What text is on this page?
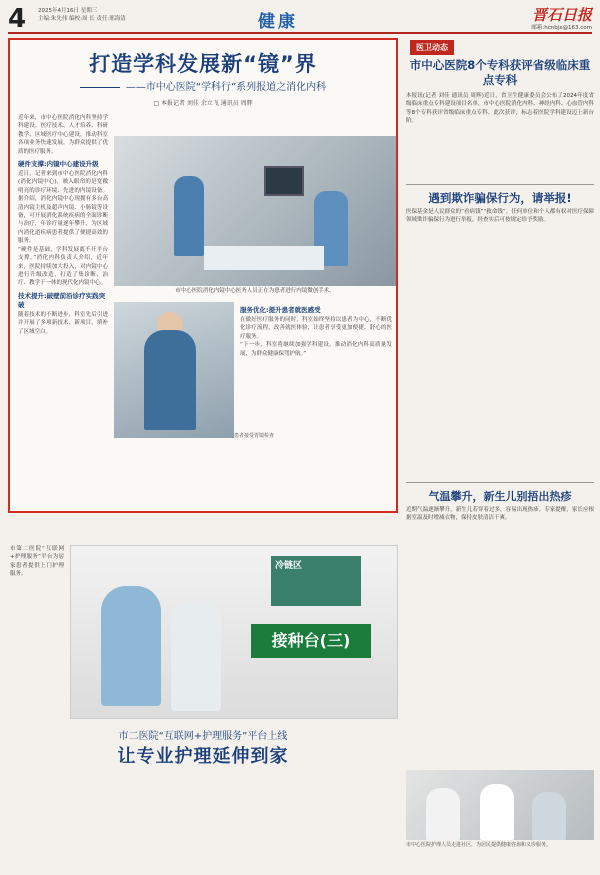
4 2025年4月16日 星期三
主编:朱先伟 编校:周 长 责任:邢海清	健康	晋石日报
邮箱:hcnbjx@163.com
打造学科发展新“镜”界
——市中心医院“学科行”系列报道之消化内科
□ 本报记者 刘佳 余立飞 通讯员 周辉

近年来，市中心医院消化内科坚持学科建设、医疗技术、人才培养、科研教学、区域医疗中心建设，推动科室各项业务快速发展，为群众提供了优质的医疗服务。

硬件支撑:内镜中心建设升级

近日，记者来到市中心医院消化内科(消化内镜中心)，映入眼帘的是宽敞明亮的诊疗环境、先进的内镜设备。据介绍，消化内镜中心现拥有多台高清内镜主机及超声内镜、小肠镜等设备，可开展消化系统疾病的全面诊断与治疗，年诊疗量逐年攀升，为区域内消化道疾病患者提供了便捷高效的服务。

“硬件是基础，学科发展离不开平台支撑。”消化内科负责人介绍，近年来，医院持续加大投入，对内镜中心进行升级改造，打造了集诊断、治疗、教学于一体的现代化内镜中心。

技术提升:破壁前沿诊疗实践突破

随着技术的不断进步，科室先后引进并开展了多项新技术、新项目，填补了区域空白。

市中心医院消化内镜中心医务人员正在为患者进行内镜微创手术。
患者接受胃镜检查
服务优化:提升患者就医感受

在做好医疗服务的同时，科室始终坚持以患者为中心，不断优化诊疗流程，改善就医体验，让患者享受更加便捷、舒心的医疗服务。

“下一步，科室将继续加强学科建设，推动消化内科高质量发展，为群众健康保驾护航。”

医卫动态
市中心医院8个专科获评省级临床重点专科
本报讯(记者 刘佳 通讯员 周辉)近日，省卫生健康委员会公布了2024年度省级临床重点专科建设项目名单，市中心医院消化内科、神经内科、心血管内科等8个专科获评省级临床重点专科。此次获评，标志着医院学科建设迈上新台阶。
遇到欺诈骗保行为，请举报!
医保基金是人民群众的“看病钱”“救命钱”。任何单位和个人都有权对医疗保障领域欺诈骗保行为进行举报，经查实后可按规定给予奖励。
气温攀升，新生儿别捂出热疹
近期气温逐渐攀升，新生儿若穿着过多，容易出现热疹。专家提醒，家长应根据室温及时增减衣物，保持皮肤清洁干爽。
市第二医院“互联网+护理服务”平台为居家患者提供上门护理服务。
冷链区
接种台(三)
市二医院“互联网+护理服务”平台上线
让专业护理延伸到家
市中心医院护理人员走进社区，为居民提供健康咨询和义诊服务。
